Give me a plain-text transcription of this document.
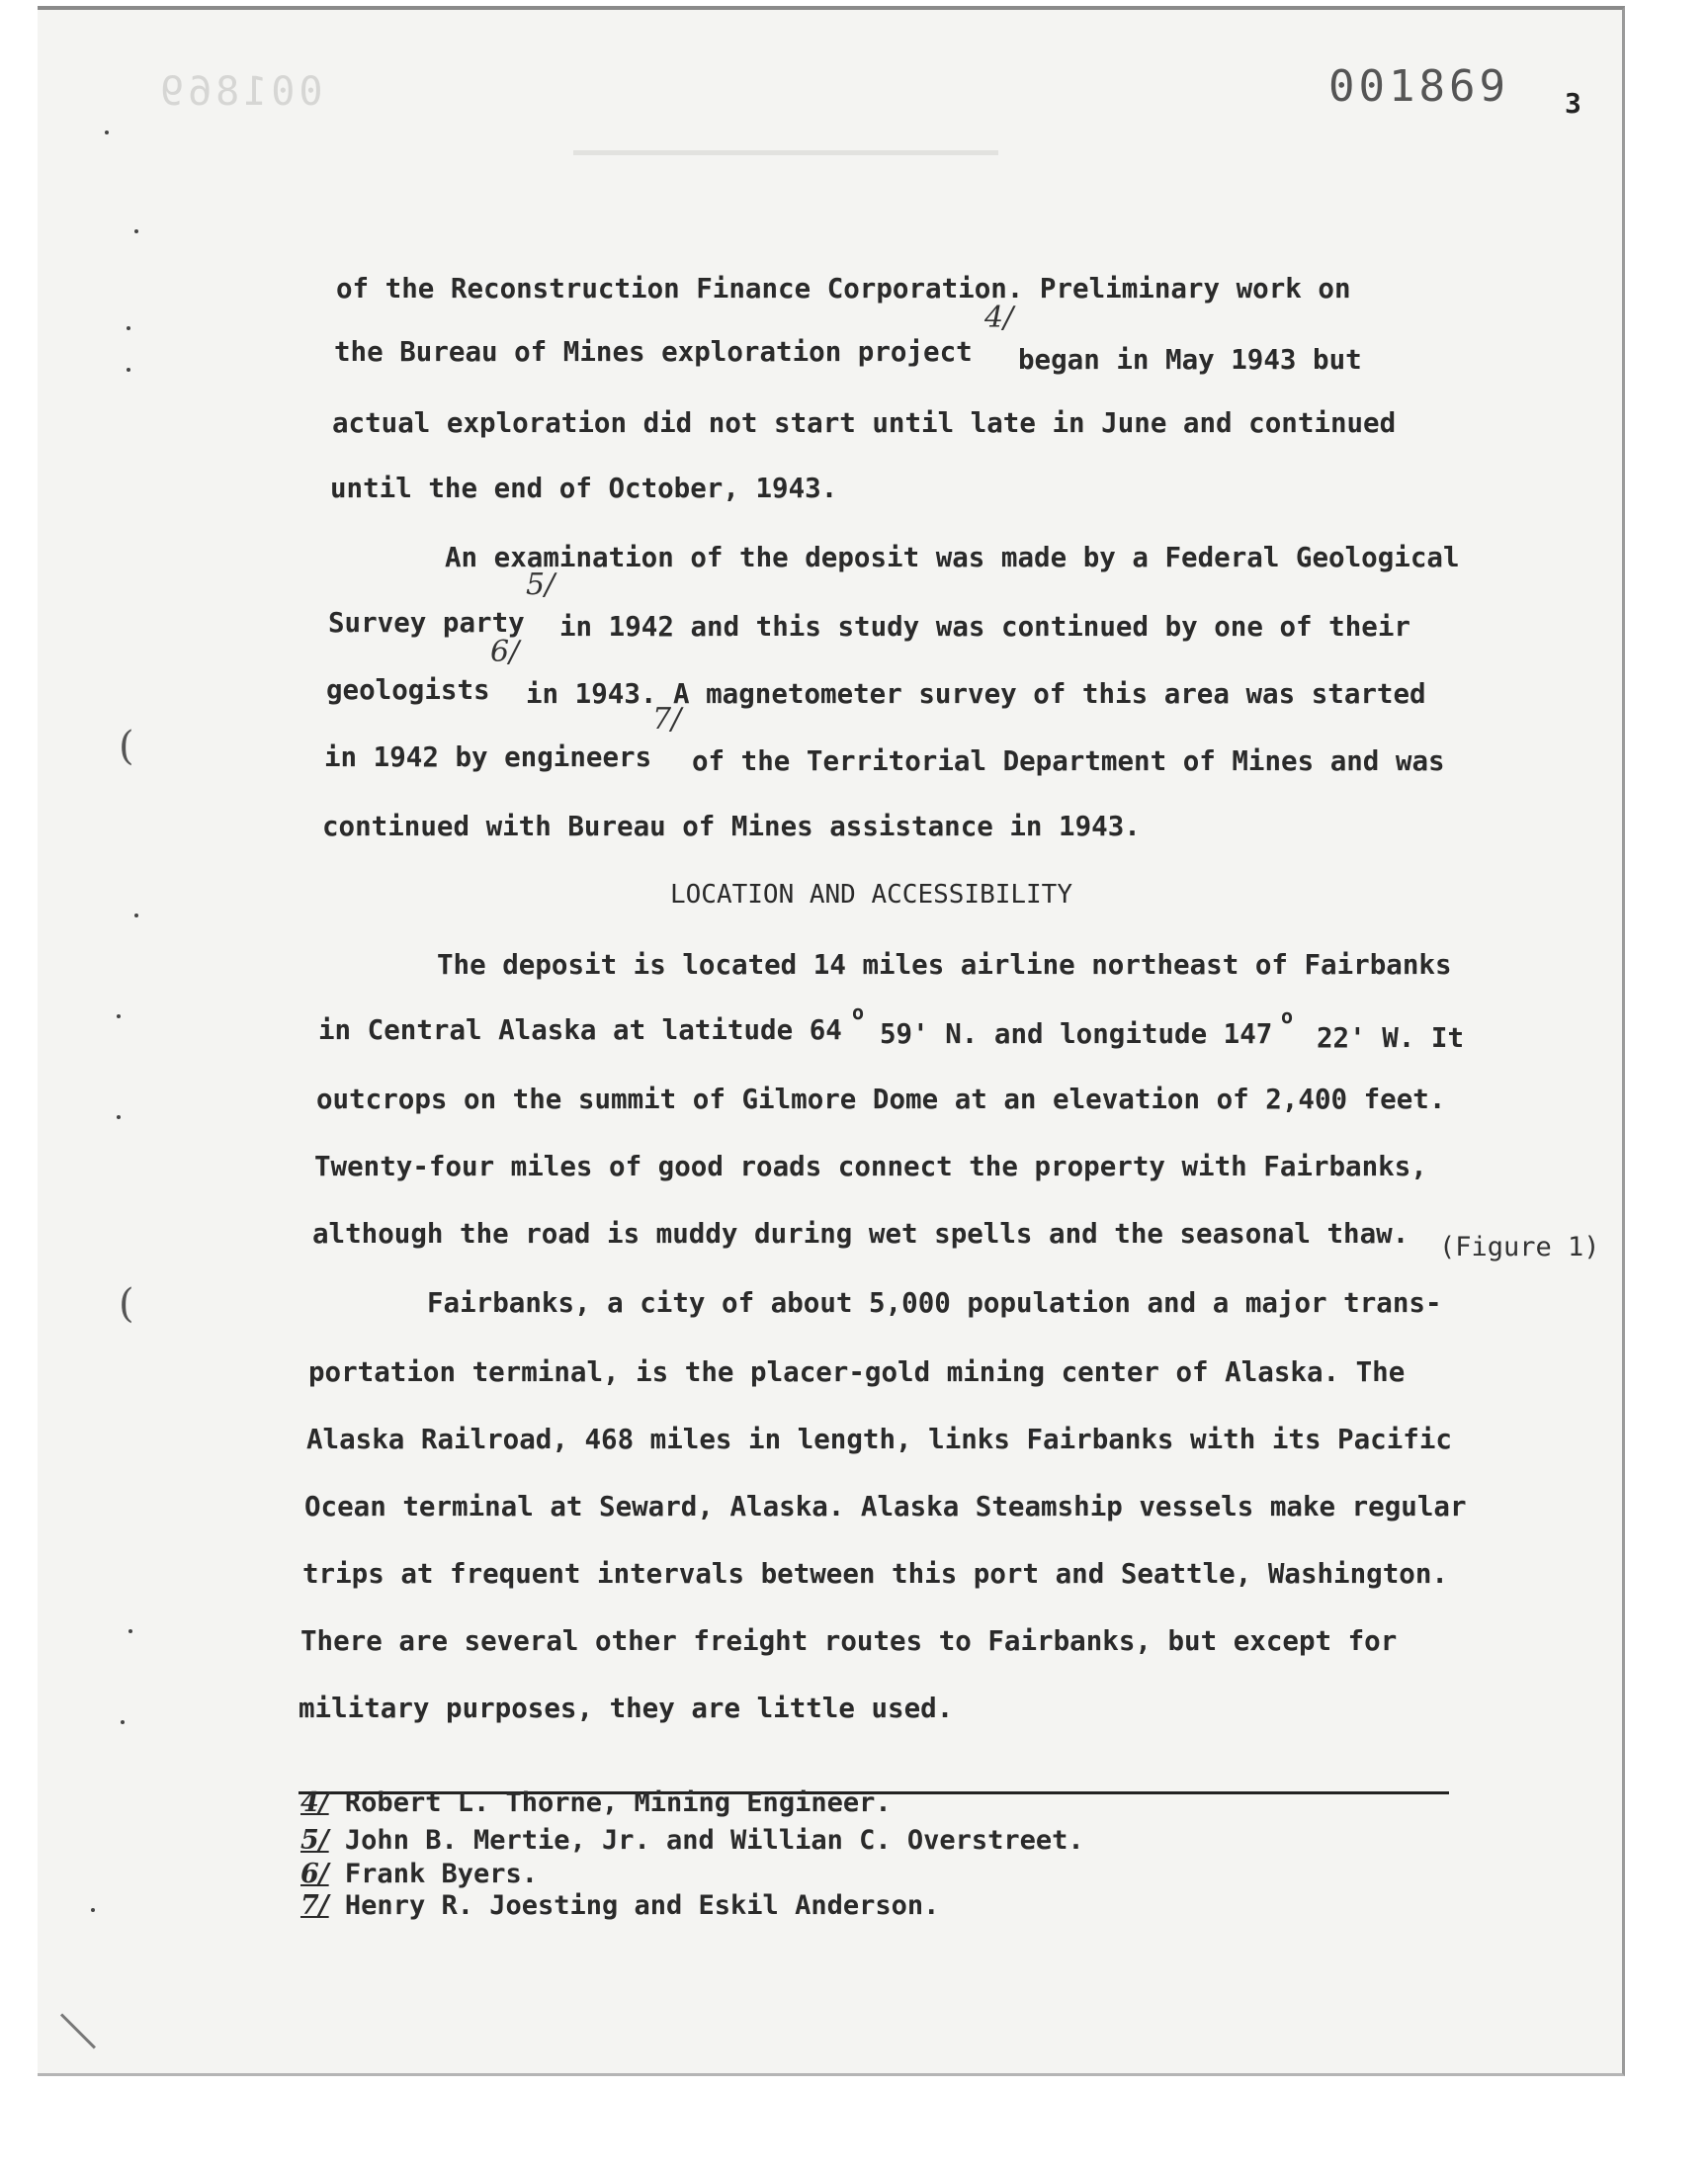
001869	001869 3
of the Reconstruction Finance Corporation. Preliminary work on
the Bureau of Mines exploration project
4/
began in May 1943 but
actual exploration did not start until late in June and continued
until the end of October, 1943.
An examination of the deposit was made by a Federal Geological
5/
Survey party in 1942 and this study was continued by one of their
6/
geologists in 1943. A magnetometer survey of this area was started
7/
in 1942 by engineers of the Territorial Department of Mines and was
continued with Bureau of Mines assistance in 1943.
LOCATION AND ACCESSIBILITY
The deposit is located 14 miles airline northeast of Fairbanks
in Central Alaska at latitude 64
o
59' N. and longitude 147
o
22' W. It
outcrops on the summit of Gilmore Dome at an elevation of 2,400 feet.
Twenty-four miles of good roads connect the property with Fairbanks,
although the road is muddy during wet spells and the seasonal thaw. (Figure 1)
Fairbanks, a city of about 5,000 population and a major trans-
portation terminal, is the placer-gold mining center of Alaska. The
Alaska Railroad, 468 miles in length, links Fairbanks with its Pacific
Ocean terminal at Seward, Alaska. Alaska Steamship vessels make regular
trips at frequent intervals between this port and Seattle, Washington.
There are several other freight routes to Fairbanks, but except for
military purposes, they are little used.
4/ Robert L. Thorne, Mining Engineer.
5/ John B. Mertie, Jr. and Willian C. Overstreet.
6/ Frank Byers.
7/ Henry R. Joesting and Eskil Anderson.
(
(
